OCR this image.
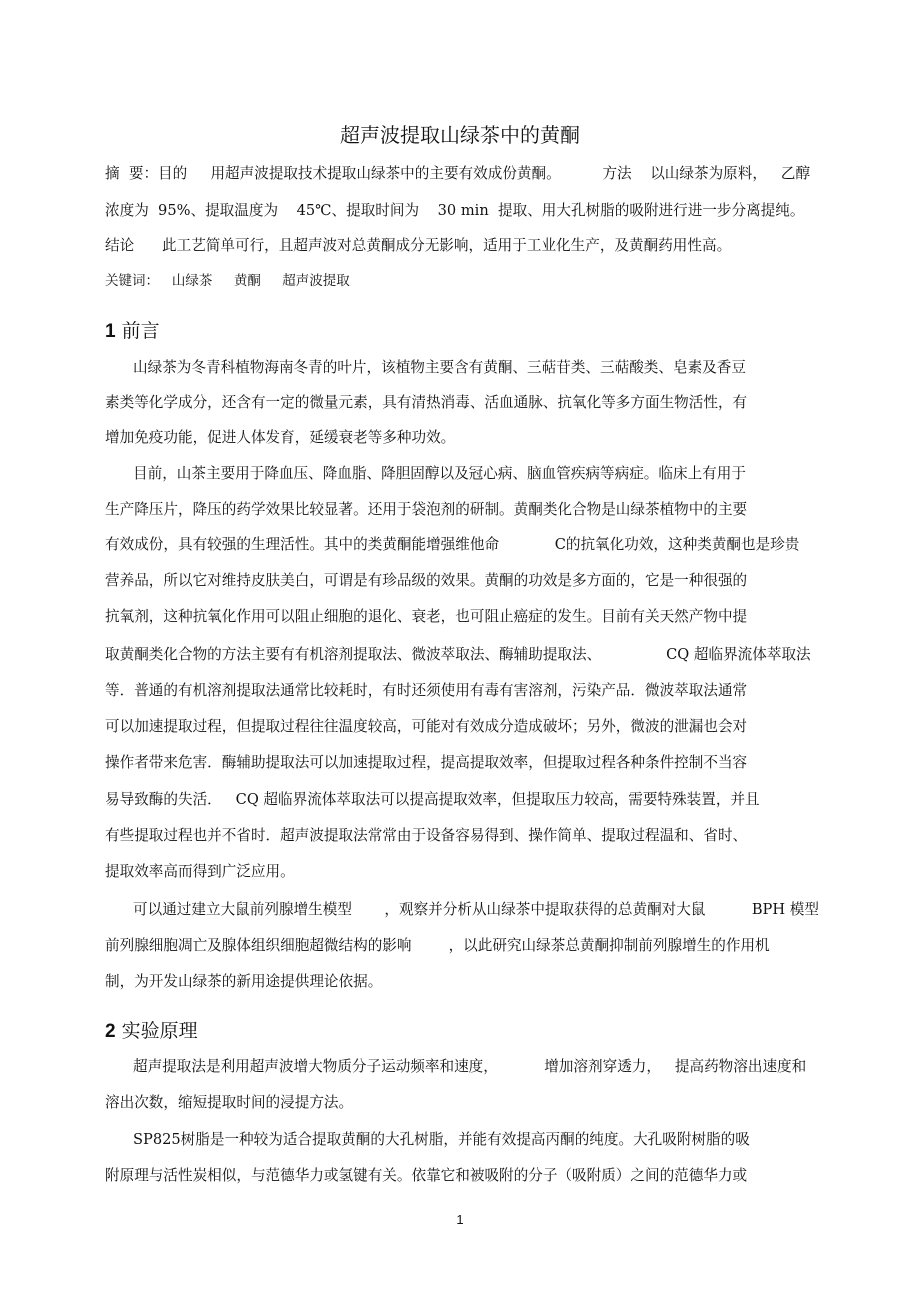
超声波提取山绿茶中的黄酮
摘  要：目的     用超声波提取技术提取山绿茶中的主要有效成份黄酮。         方法    以山绿茶为原料，   乙醇
浓度为  95%、提取温度为    45℃、提取时间为    30 min  提取、用大孔树脂的吸附进行进一步分离提纯。
结论      此工艺简单可行，且超声波对总黄酮成分无影响，适用于工业化生产，及黄酮药用性高。
关键词：   山绿茶     黄酮     超声波提取
1 前言
山绿茶为冬青科植物海南冬青的叶片，该植物主要含有黄酮、三萜苷类、三萜酸类、皂素及香豆
素类等化学成分，还含有一定的微量元素，具有清热消毒、活血通脉、抗氧化等多方面生物活性，有
增加免疫功能，促进人体发育，延缓衰老等多种功效。
目前，山茶主要用于降血压、降血脂、降胆固醇以及冠心病、脑血管疾病等病症。临床上有用于
生产降压片，降压的药学效果比较显著。还用于袋泡剂的研制。黄酮类化合物是山绿茶植物中的主要
有效成份，具有较强的生理活性。其中的类黄酮能增强维他命            C的抗氧化功效，这种类黄酮也是珍贵
营养品，所以它对维持皮肤美白，可谓是有珍品级的效果。黄酮的功效是多方面的，它是一种很强的
抗氧剂，这种抗氧化作用可以阻止细胞的退化、衰老，也可阻止癌症的发生。目前有关天然产物中提
取黄酮类化合物的方法主要有有机溶剂提取法、微波萃取法、酶辅助提取法、              CQ 超临界流体萃取法
等．普通的有机溶剂提取法通常比较耗时，有时还须使用有毒有害溶剂，污染产品．微波萃取法通常
可以加速提取过程，但提取过程往往温度较高，可能对有效成分造成破坏；另外，微波的泄漏也会对
操作者带来危害．酶辅助提取法可以加速提取过程，提高提取效率，但提取过程各种条件控制不当容
易导致酶的失活．   CQ 超临界流体萃取法可以提高提取效率，但提取压力较高，需要特殊装置，并且
有些提取过程也并不省时．超声波提取法常常由于设备容易得到、操作简单、提取过程温和、省时、
提取效率高而得到广泛应用。
可以通过建立大鼠前列腺增生模型       ，观察并分析从山绿茶中提取获得的总黄酮对大鼠          BPH 模型
前列腺细胞凋亡及腺体组织细胞超微结构的影响        ，以此研究山绿茶总黄酮抑制前列腺增生的作用机
制，为开发山绿茶的新用途提供理论依据。
2 实验原理
超声提取法是利用超声波增大物质分子运动频率和速度，          增加溶剂穿透力，   提高药物溶出速度和
溶出次数，缩短提取时间的浸提方法。
SP825树脂是一种较为适合提取黄酮的大孔树脂，并能有效提高丙酮的纯度。大孔吸附树脂的吸
附原理与活性炭相似，与范德华力或氢键有关。依靠它和被吸附的分子（吸附质）之间的范德华力或
1
